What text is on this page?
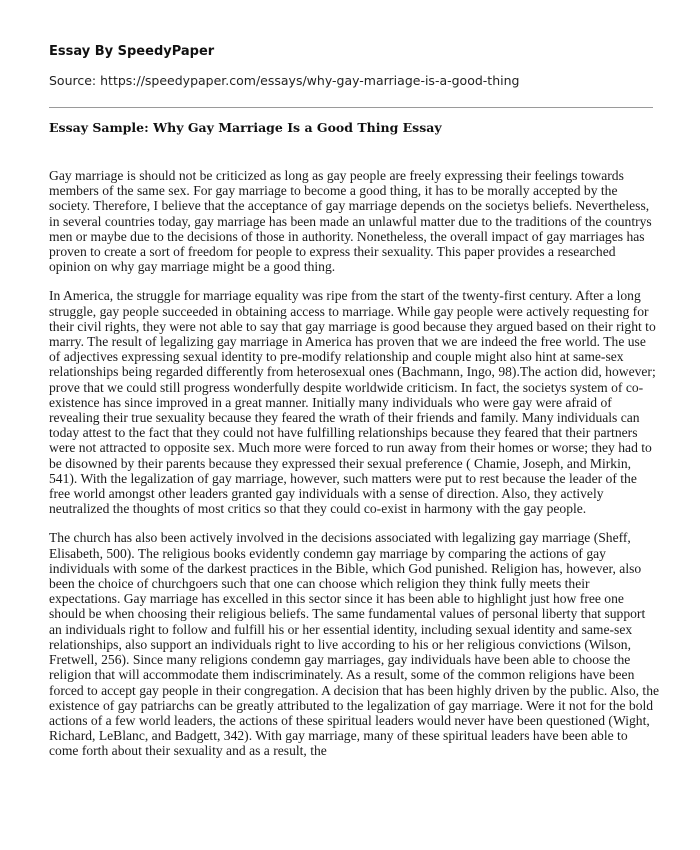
Essay By SpeedyPaper
Source: https://speedypaper.com/essays/why-gay-marriage-is-a-good-thing
Essay Sample: Why Gay Marriage Is a Good Thing Essay

Gay marriage is should not be criticized as long as gay people are freely expressing their feelings towards members of the same sex. For gay marriage to become a good thing, it has to be morally accepted by the society. Therefore, I believe that the acceptance of gay marriage depends on the societys beliefs. Nevertheless, in several countries today, gay marriage has been made an unlawful matter due to the traditions of the countrys men or maybe due to the decisions of those in authority. Nonetheless, the overall impact of gay marriages has proven to create a sort of freedom for people to express their sexuality. This paper provides a researched opinion on why gay marriage might be a good thing.

In America, the struggle for marriage equality was ripe from the start of the twenty-first century. After a long struggle, gay people succeeded in obtaining access to marriage. While gay people were actively requesting for their civil rights, they were not able to say that gay marriage is good because they argued based on their right to marry. The result of legalizing gay marriage in America has proven that we are indeed the free world. The use of adjectives expressing sexual identity to pre-modify relationship and couple might also hint at same-sex relationships being regarded differently from heterosexual ones (Bachmann, Ingo, 98).The action did, however; prove that we could still progress wonderfully despite worldwide criticism. In fact, the societys system of co-existence has since improved in a great manner. Initially many individuals who were gay were afraid of revealing their true sexuality because they feared the wrath of their friends and family. Many individuals can today attest to the fact that they could not have fulfilling relationships because they feared that their partners were not attracted to opposite sex. Much more were forced to run away from their homes or worse; they had to be disowned by their parents because they expressed their sexual preference ( Chamie, Joseph, and Mirkin, 541). With the legalization of gay marriage, however, such matters were put to rest because the leader of the free world amongst other leaders granted gay individuals with a sense of direction. Also, they actively neutralized the thoughts of most critics so that they could co-exist in harmony with the gay people.

The church has also been actively involved in the decisions associated with legalizing gay marriage (Sheff, Elisabeth, 500). The religious books evidently condemn gay marriage by comparing the actions of gay individuals with some of the darkest practices in the Bible, which God punished. Religion has, however, also been the choice of churchgoers such that one can choose which religion they think fully meets their expectations. Gay marriage has excelled in this sector since it has been able to highlight just how free one should be when choosing their religious beliefs. The same fundamental values of personal liberty that support an individuals right to follow and fulfill his or her essential identity, including sexual identity and same-sex relationships, also support an individuals right to live according to his or her religious convictions (Wilson, Fretwell, 256). Since many religions condemn gay marriages, gay individuals have been able to choose the religion that will accommodate them indiscriminately. As a result, some of the common religions have been forced to accept gay people in their congregation. A decision that has been highly driven by the public. Also, the existence of gay patriarchs can be greatly attributed to the legalization of gay marriage. Were it not for the bold actions of a few world leaders, the actions of these spiritual leaders would never have been questioned (Wight, Richard, LeBlanc, and Badgett, 342). With gay marriage, many of these spiritual leaders have been able to come forth about their sexuality and as a result, the
